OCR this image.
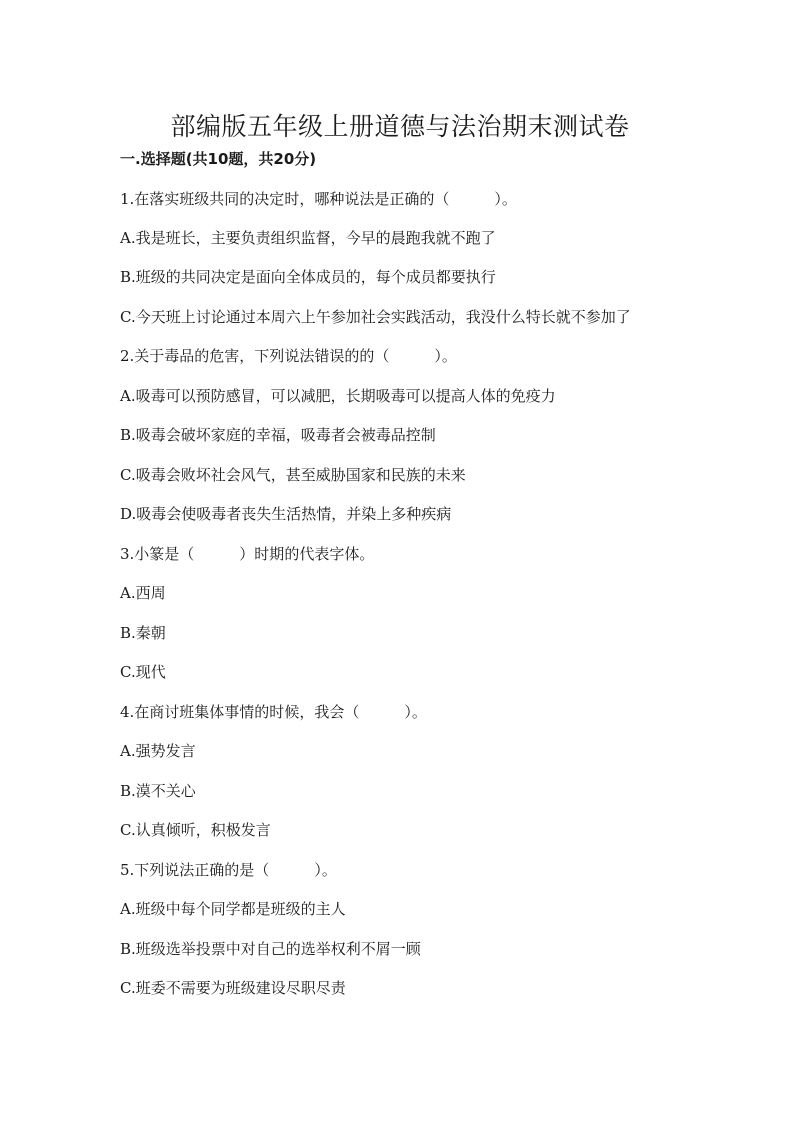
部编版五年级上册道德与法治期末测试卷
一.选择题(共10题，共20分)
1.在落实班级共同的决定时，哪种说法是正确的（　　　）。
A.我是班长，主要负责组织监督，今早的晨跑我就不跑了
B.班级的共同决定是面向全体成员的，每个成员都要执行
C.今天班上讨论通过本周六上午参加社会实践活动，我没什么特长就不参加了
2.关于毒品的危害，下列说法错误的的（　　　）。
A.吸毒可以预防感冒，可以减肥，长期吸毒可以提高人体的免疫力
B.吸毒会破坏家庭的幸福，吸毒者会被毒品控制
C.吸毒会败坏社会风气，甚至威胁国家和民族的未来
D.吸毒会使吸毒者丧失生活热情，并染上多种疾病
3.小篆是（　　　）时期的代表字体。
A.西周
B.秦朝
C.现代
4.在商讨班集体事情的时候，我会（　　　）。
A.强势发言
B.漠不关心
C.认真倾听，积极发言
5.下列说法正确的是（　　　）。
A.班级中每个同学都是班级的主人
B.班级选举投票中对自己的选举权利不屑一顾
C.班委不需要为班级建设尽职尽责
